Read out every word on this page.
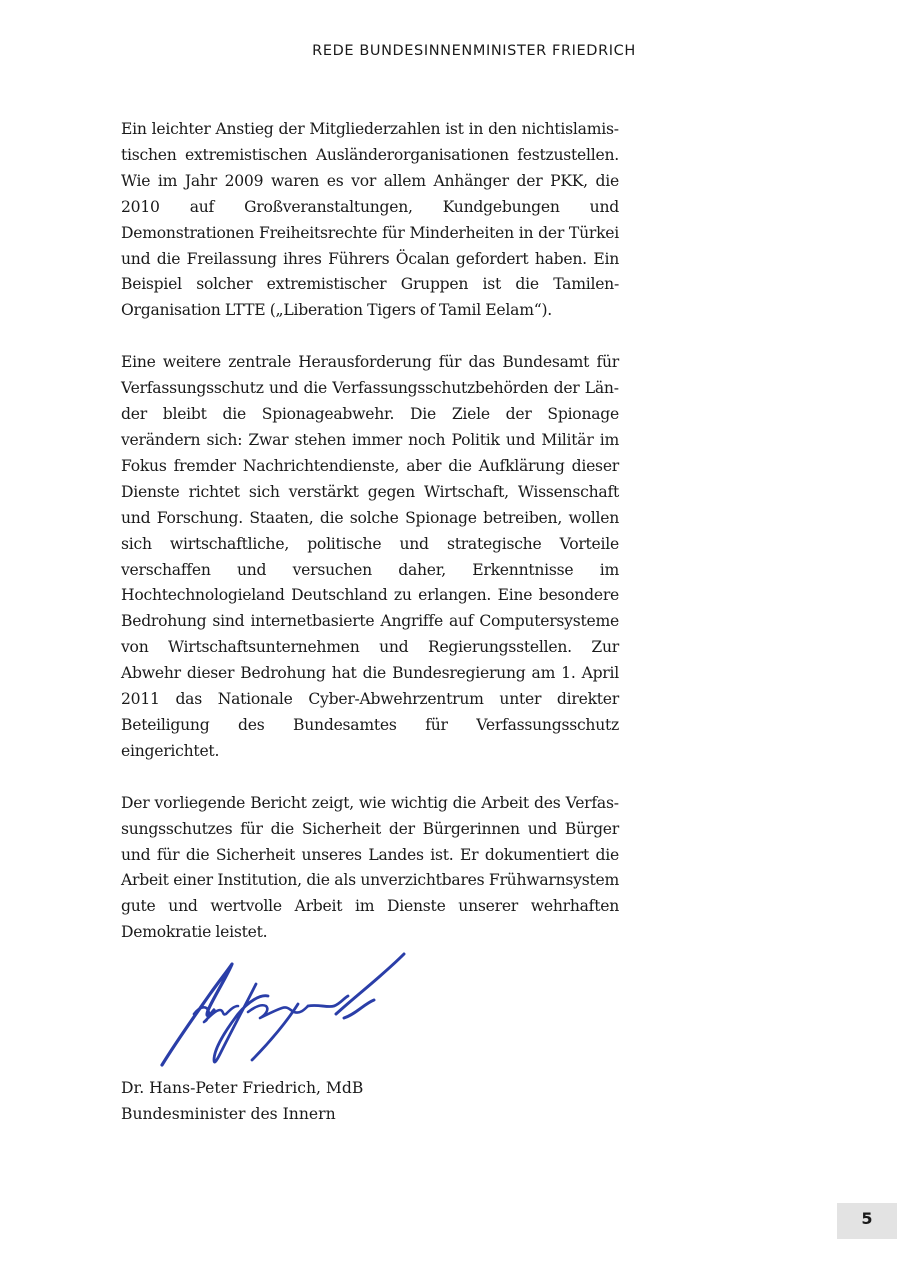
REDE BUNDESINNENMINISTER FRIEDRICH

Ein leichter Anstieg der Mitgliederzahlen ist in den nichtislamistischen extremistischen Ausländerorganisationen festzustellen. Wie im Jahr 2009 waren es vor allem Anhänger der PKK, die 2010 auf Großveranstaltungen, Kundgebungen und Demonstrationen Freiheitsrechte für Minderheiten in der Türkei und die Freilassung ihres Führers Öcalan gefordert haben. Ein Beispiel solcher extremistischer Gruppen ist die Tamilen-Organisation LTTE („Liberation Tigers of Tamil Eelam“).

Eine weitere zentrale Herausforderung für das Bundesamt für Verfassungsschutz und die Verfassungsschutzbehörden der Länder bleibt die Spionageabwehr. Die Ziele der Spionage verändern sich: Zwar stehen immer noch Politik und Militär im Fokus fremder Nachrichtendienste, aber die Aufklärung dieser Dienste richtet sich verstärkt gegen Wirtschaft, Wissenschaft und Forschung. Staaten, die solche Spionage betreiben, wollen sich wirtschaftliche, politische und strategische Vorteile verschaffen und versuchen daher, Erkenntnisse im Hochtechnologieland Deutschland zu erlangen. Eine besondere Bedrohung sind internetbasierte Angriffe auf Computersysteme von Wirtschaftsunternehmen und Regierungsstellen. Zur Abwehr dieser Bedrohung hat die Bundesregierung am 1. April 2011 das Nationale Cyber-Abwehrzentrum unter direkter Beteiligung des Bundesamtes für Verfassungsschutz eingerichtet.

Der vorliegende Bericht zeigt, wie wichtig die Arbeit des Verfassungsschutzes für die Sicherheit der Bürgerinnen und Bürger und für die Sicherheit unseres Landes ist. Er dokumentiert die Arbeit einer Institution, die als unverzichtbares Frühwarnsystem gute und wertvolle Arbeit im Dienste unserer wehrhaften Demokratie leistet.

Dr. Hans-Peter Friedrich, MdB
Bundesminister des Innern
5
